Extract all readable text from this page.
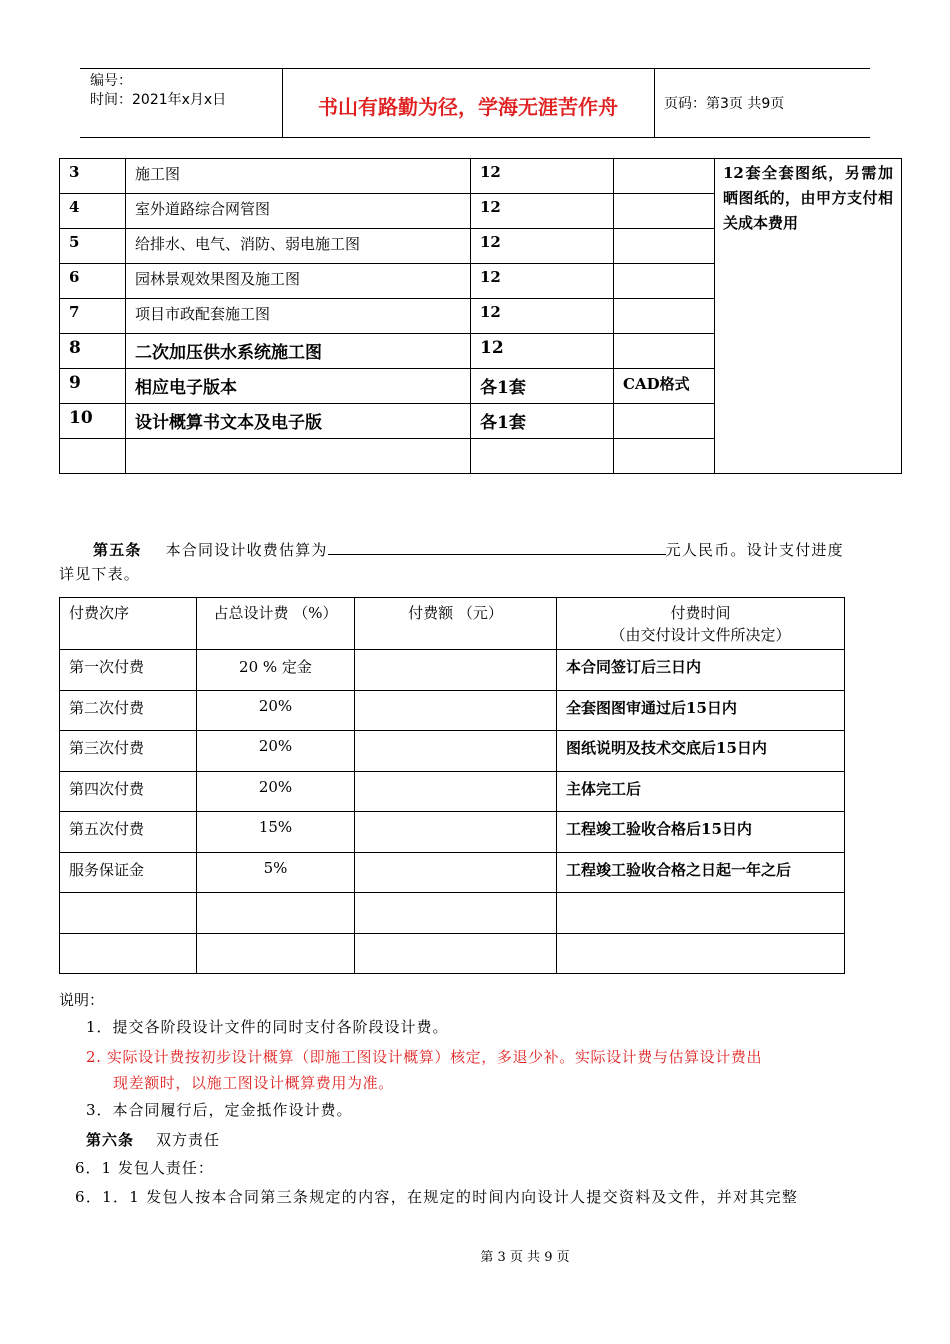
编号：
时间：2021年x月x日	书山有路勤为径，学海无涯苦作舟	页码：第3页 共9页
3	施工图	12		12套全套图纸，另需加晒图纸的，由甲方支付相关成本费用
4	室外道路综合网管图	12		
5	给排水、电气、消防、弱电施工图	12		
6	园林景观效果图及施工图	12		
7	项目市政配套施工图	12		
8	二次加压供水系统施工图	12		
9	相应电子版本	各1套	CAD格式	
10	设计概算书文本及电子版	各1套		

第五条 本合同设计收费估算为	元人民币。设计支付进度
详见下表。
付费次序	占总设计费 （%）	付费额 （元）	付费时间
（由交付设计文件所决定）

第一次付费	20 % 定金		本合同签订后三日内
第二次付费	20%		全套图图审通过后15日内
第三次付费	20%		图纸说明及技术交底后15日内
第四次付费	20%		主体完工后
第五次付费	15%		工程竣工验收合格后15日内
服务保证金	5%		工程竣工验收合格之日起一年之后

说明：
1．提交各阶段设计文件的同时支付各阶段设计费。
2. 实际设计费按初步设计概算（即施工图设计概算）核定，多退少补。实际设计费与估算设计费出
现差额时，以施工图设计概算费用为准。
3．本合同履行后，定金抵作设计费。
第六条 双方责任
6．1 发包人责任：
6．1．1 发包人按本合同第三条规定的内容，在规定的时间内向设计人提交资料及文件，并对其完整
第 3 页 共 9 页
